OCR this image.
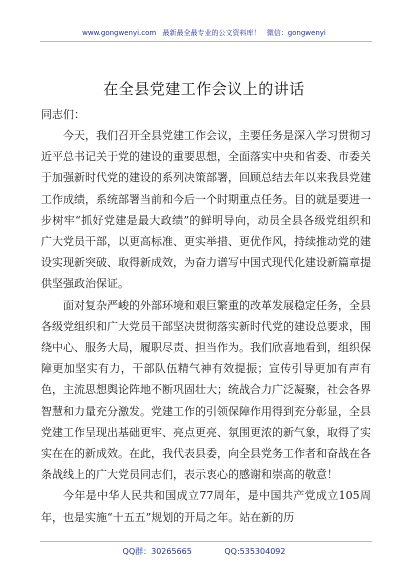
www.gongwenyi.com 最新最全最专业的公文资料库！ 微信：gongwenyi
在全县党建工作会议上的讲话
同志们：

今天，我们召开全县党建工作会议，主要任务是深入学习贯彻习近平总书记关于党的建设的重要思想，全面落实中央和省委、市委关于加强新时代党的建设的系列决策部署，回顾总结去年以来我县党建工作成绩，系统部署当前和今后一个时期重点任务。目的就是要进一步树牢“抓好党建是最大政绩”的鲜明导向，动员全县各级党组织和广大党员干部，以更高标准、更实举措、更优作风，持续推动党的建设实现新突破、取得新成效，为奋力谱写中国式现代化建设新篇章提供坚强政治保证。

面对复杂严峻的外部环境和艰巨繁重的改革发展稳定任务，全县各级党组织和广大党员干部坚决贯彻落实新时代党的建设总要求，围绕中心、服务大局，履职尽责、担当作为。我们欣喜地看到，组织保障更加坚实有力，干部队伍精气神有效提振；宣传引导更加有声有色，主流思想舆论阵地不断巩固壮大；统战合力广泛凝聚，社会各界智慧和力量充分激发。党建工作的引领保障作用得到充分彰显，全县党建工作呈现出基础更牢、亮点更亮、氛围更浓的新气象，取得了实实在在的新成效。在此，我代表县委，向全县党务工作者和奋战在各条战线上的广大党员同志们，表示衷心的感谢和崇高的敬意！

今年是中华人民共和国成立77周年，是中国共产党成立105周年，也是实施“十五五”规划的开局之年。站在新的历

QQ群：30265665	QQ:535304092
